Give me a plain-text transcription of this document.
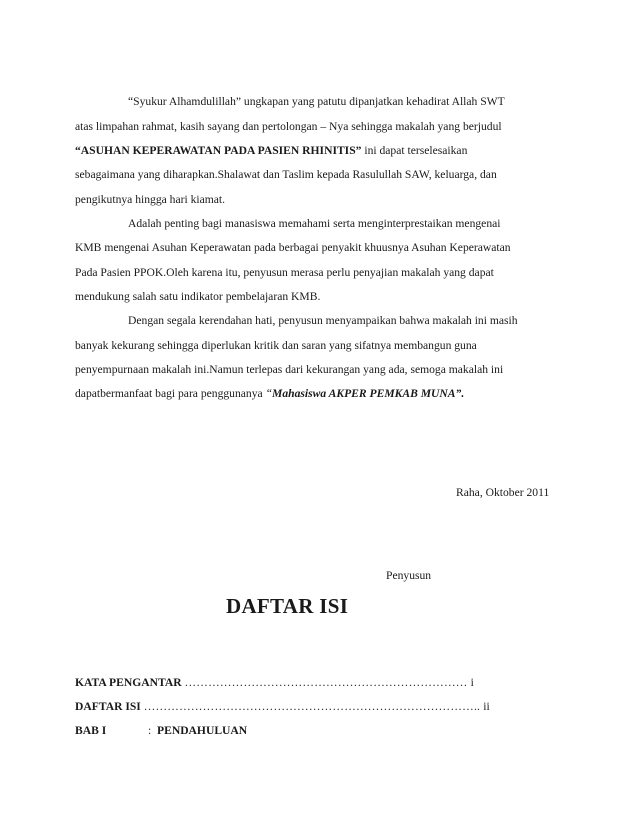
“Syukur Alhamdulillah” ungkapan yang patutu dipanjatkan kehadirat Allah SWT
atas limpahan rahmat, kasih sayang dan pertolongan – Nya sehingga makalah yang berjudul
“ASUHAN KEPERAWATAN PADA PASIEN RHINITIS” ini dapat terselesaikan
sebagaimana yang diharapkan.Shalawat dan Taslim kepada Rasulullah SAW, keluarga, dan
pengikutnya hingga hari kiamat.
Adalah penting bagi manasiswa memahami serta menginterprestaikan mengenai
KMB mengenai Asuhan Keperawatan pada berbagai penyakit khuusnya Asuhan Keperawatan
Pada Pasien PPOK.Oleh karena itu, penyusun merasa perlu penyajian makalah yang dapat
mendukung salah satu indikator pembelajaran KMB.
Dengan segala kerendahan hati, penyusun menyampaikan bahwa makalah ini masih
banyak kekurang sehingga diperlukan kritik dan saran yang sifatnya membangun guna
penyempurnaan makalah ini.Namun terlepas dari kekurangan yang ada, semoga makalah ini
dapatbermanfaat bagi para penggunanya “Mahasiswa AKPER PEMKAB MUNA”.
Raha, Oktober 2011
Penyusun
DAFTAR ISI
KATA PENGANTAR ……………………………………………………………… i
DAFTAR ISI ………………………………………………………………………….. ii
BAB I	: PENDAHULUAN
